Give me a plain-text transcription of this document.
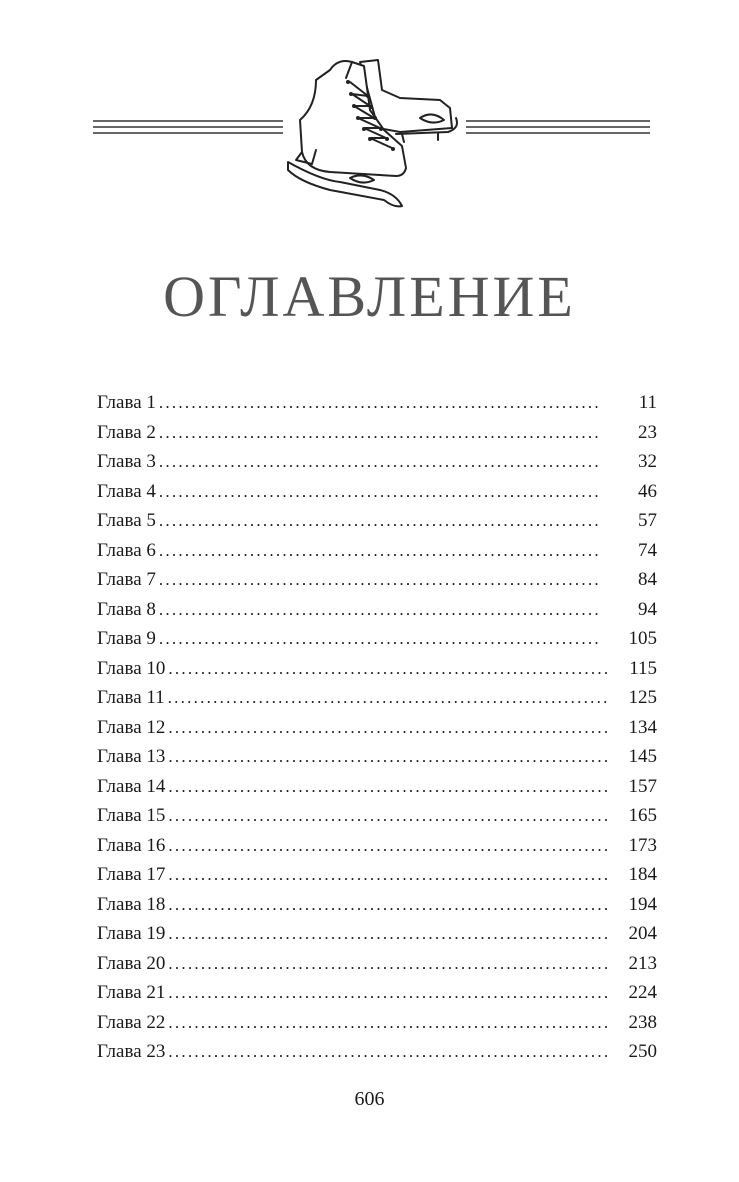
ОГЛАВЛЕНИЕ
Глава 1 . . .	11
Глава 2 . . .	23
Глава 3 . . .	32
Глава 4 . . .	46
Глава 5 . . .	57
Глава 6 . . .	74
Глава 7 . . .	84
Глава 8 . . .	94
Глава 9 . . .	105
Глава 10 . . .	115
Глава 11 . . .	125
Глава 12 . . .	134
Глава 13 . . .	145
Глава 14 . . .	157
Глава 15 . . .	165
Глава 16 . . .	173
Глава 17 . . .	184
Глава 18 . . .	194
Глава 19 . . .	204
Глава 20 . . .	213
Глава 21 . . .	224
Глава 22 . . .	238
Глава 23 . . .	250
606
